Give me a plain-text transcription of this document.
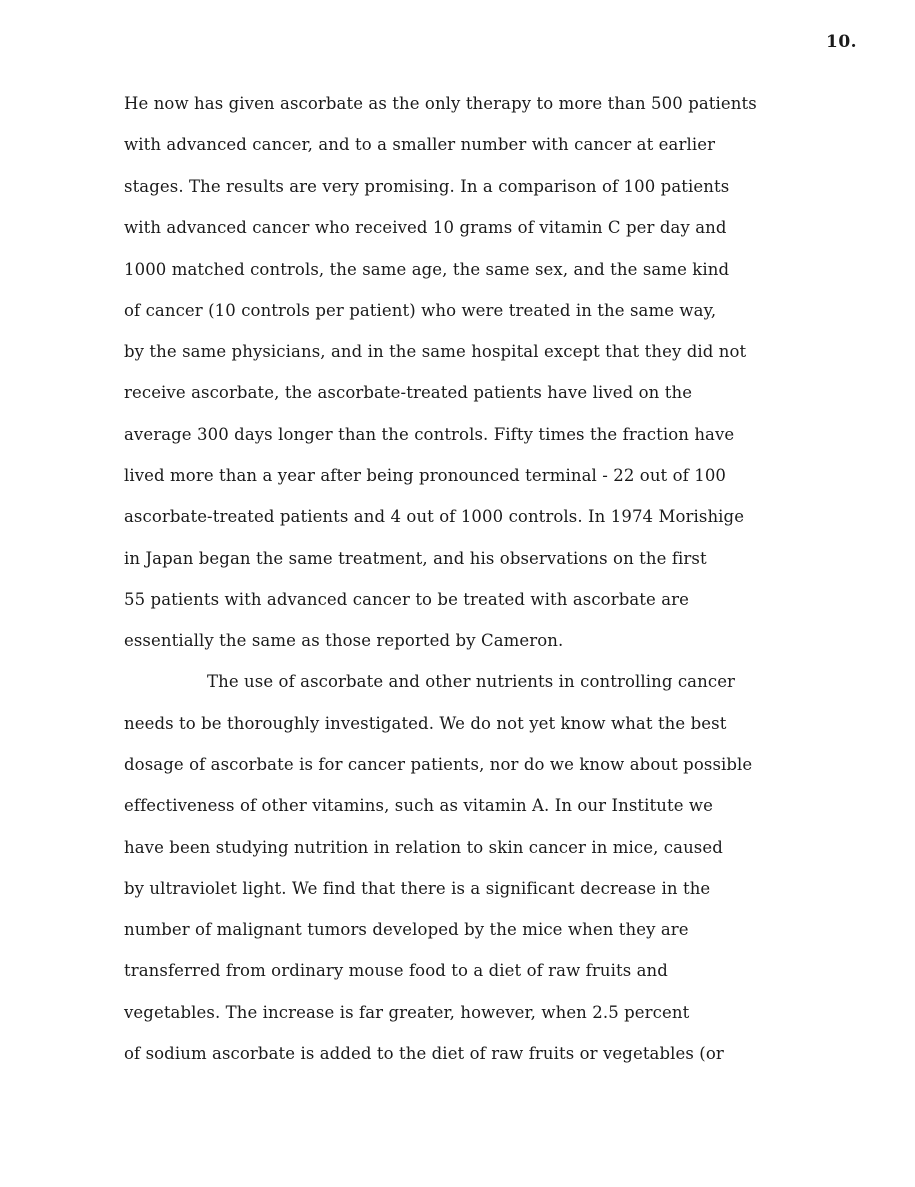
10.
He now has given ascorbate as the only therapy to more than 500 patients
with advanced cancer, and to a smaller number with cancer at earlier
stages. The results are very promising. In a comparison of 100 patients
with advanced cancer who received 10 grams of vitamin C per day and
1000 matched controls, the same age, the same sex, and the same kind
of cancer (10 controls per patient) who were treated in the same way,
by the same physicians, and in the same hospital except that they did not
receive ascorbate, the ascorbate-treated patients have lived on the
average 300 days longer than the controls. Fifty times the fraction have
lived more than a year after being pronounced terminal - 22 out of 100
ascorbate-treated patients and 4 out of 1000 controls. In 1974 Morishige
in Japan began the same treatment, and his observations on the first
55 patients with advanced cancer to be treated with ascorbate are
essentially the same as those reported by Cameron.
The use of ascorbate and other nutrients in controlling cancer
needs to be thoroughly investigated. We do not yet know what the best
dosage of ascorbate is for cancer patients, nor do we know about possible
effectiveness of other vitamins, such as vitamin A. In our Institute we
have been studying nutrition in relation to skin cancer in mice, caused
by ultraviolet light. We find that there is a significant decrease in the
number of malignant tumors developed by the mice when they are
transferred from ordinary mouse food to a diet of raw fruits and
vegetables. The increase is far greater, however, when 2.5 percent
of sodium ascorbate is added to the diet of raw fruits or vegetables (or
